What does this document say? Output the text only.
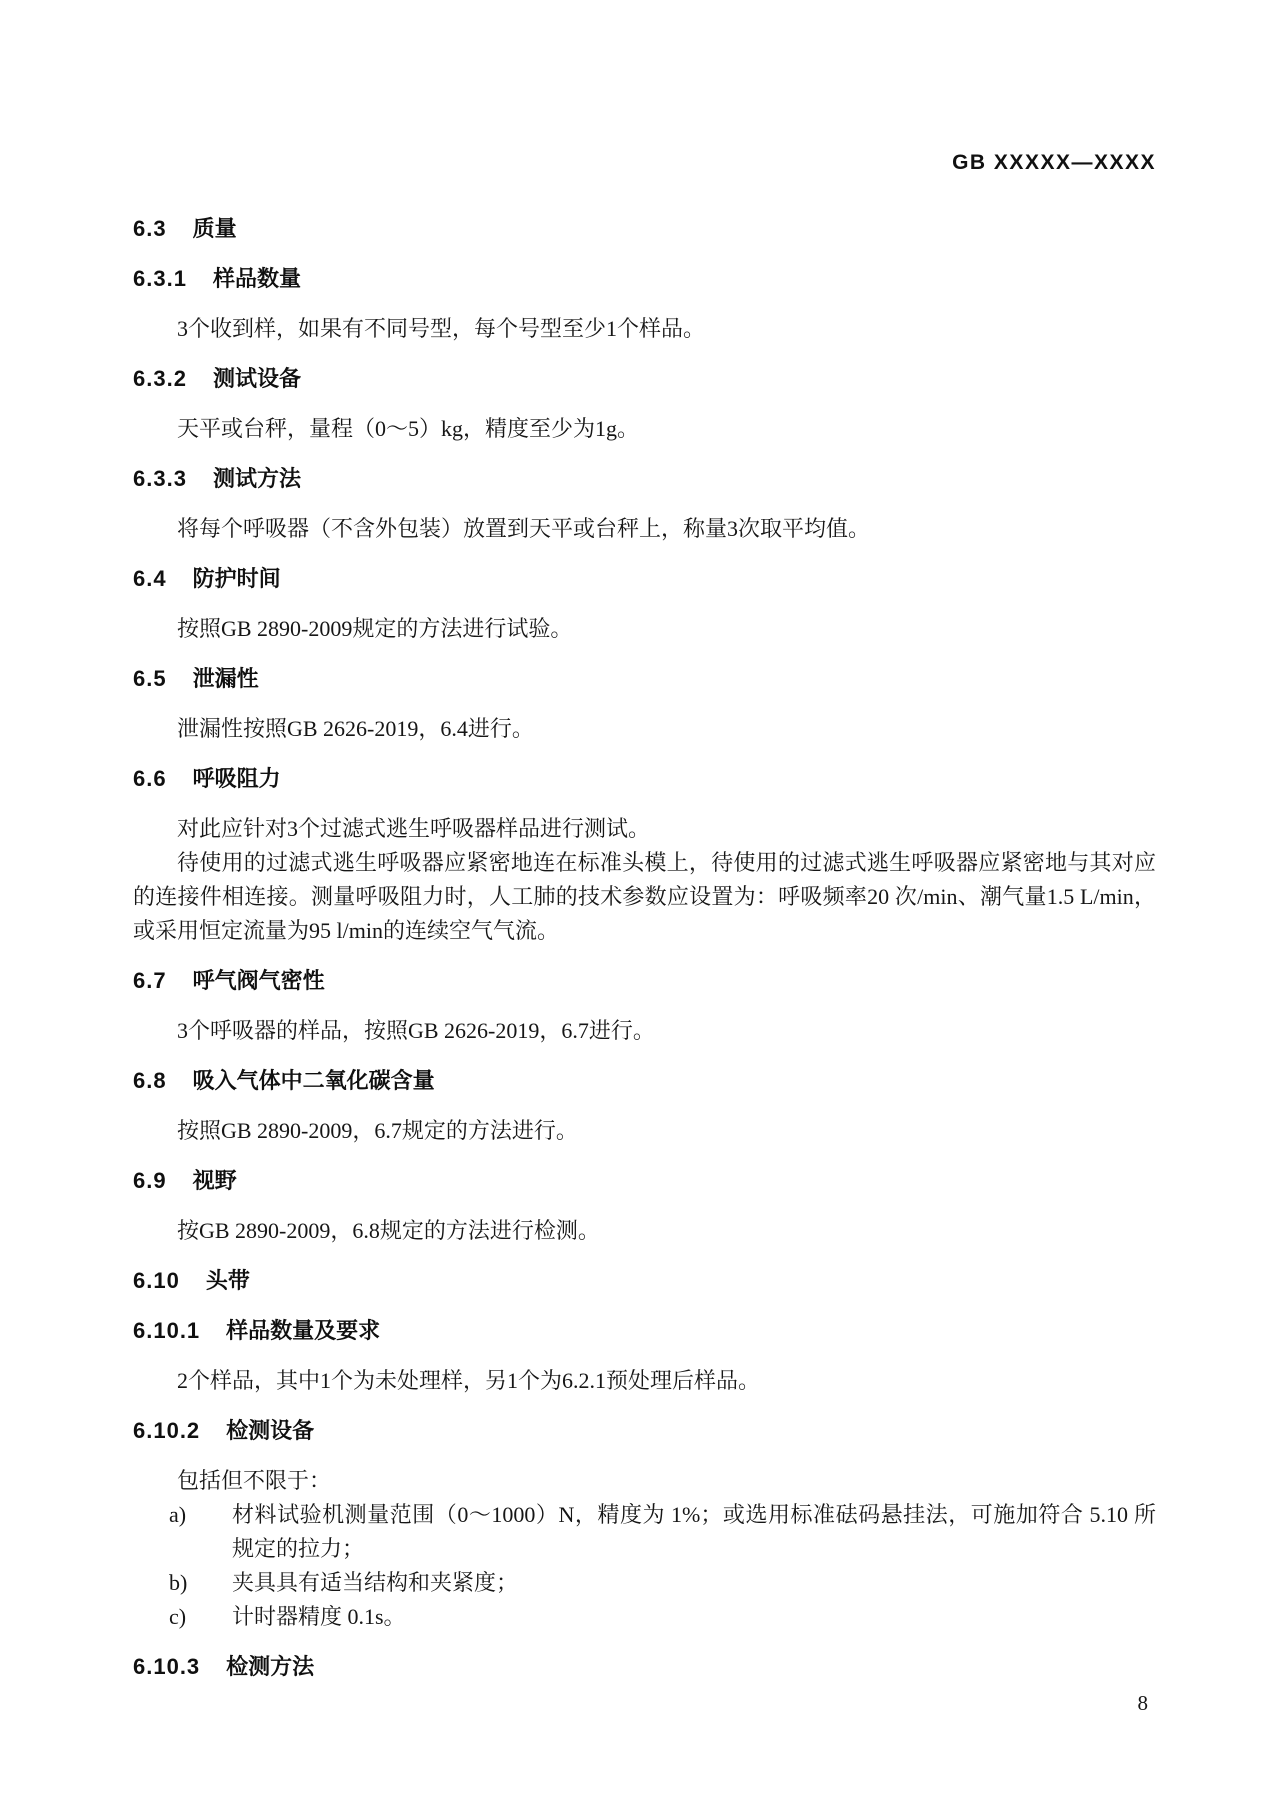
GB XXXXX—XXXX
6.3 质量
6.3.1 样品数量
3个收到样，如果有不同号型，每个号型至少1个样品。
6.3.2 测试设备
天平或台秤，量程（0～5）kg，精度至少为1g。
6.3.3 测试方法
将每个呼吸器（不含外包装）放置到天平或台秤上，称量3次取平均值。
6.4 防护时间
按照GB 2890-2009规定的方法进行试验。
6.5 泄漏性
泄漏性按照GB 2626-2019，6.4进行。
6.6 呼吸阻力
对此应针对3个过滤式逃生呼吸器样品进行测试。
待使用的过滤式逃生呼吸器应紧密地连在标准头模上，待使用的过滤式逃生呼吸器应紧密地与其对应的连接件相连接。测量呼吸阻力时，人工肺的技术参数应设置为：呼吸频率20 次/min、潮气量1.5 L/min，或采用恒定流量为95 l/min的连续空气气流。
6.7 呼气阀气密性
3个呼吸器的样品，按照GB 2626-2019，6.7进行。
6.8 吸入气体中二氧化碳含量
按照GB 2890-2009，6.7规定的方法进行。
6.9 视野
按GB 2890-2009，6.8规定的方法进行检测。
6.10 头带
6.10.1 样品数量及要求
2个样品，其中1个为未处理样，另1个为6.2.1预处理后样品。
6.10.2 检测设备
包括但不限于：
a) 材料试验机测量范围（0～1000）N，精度为 1%；或选用标准砝码悬挂法，可施加符合 5.10 所规定的拉力；
b) 夹具具有适当结构和夹紧度；
c) 计时器精度 0.1s。
6.10.3 检测方法
8
